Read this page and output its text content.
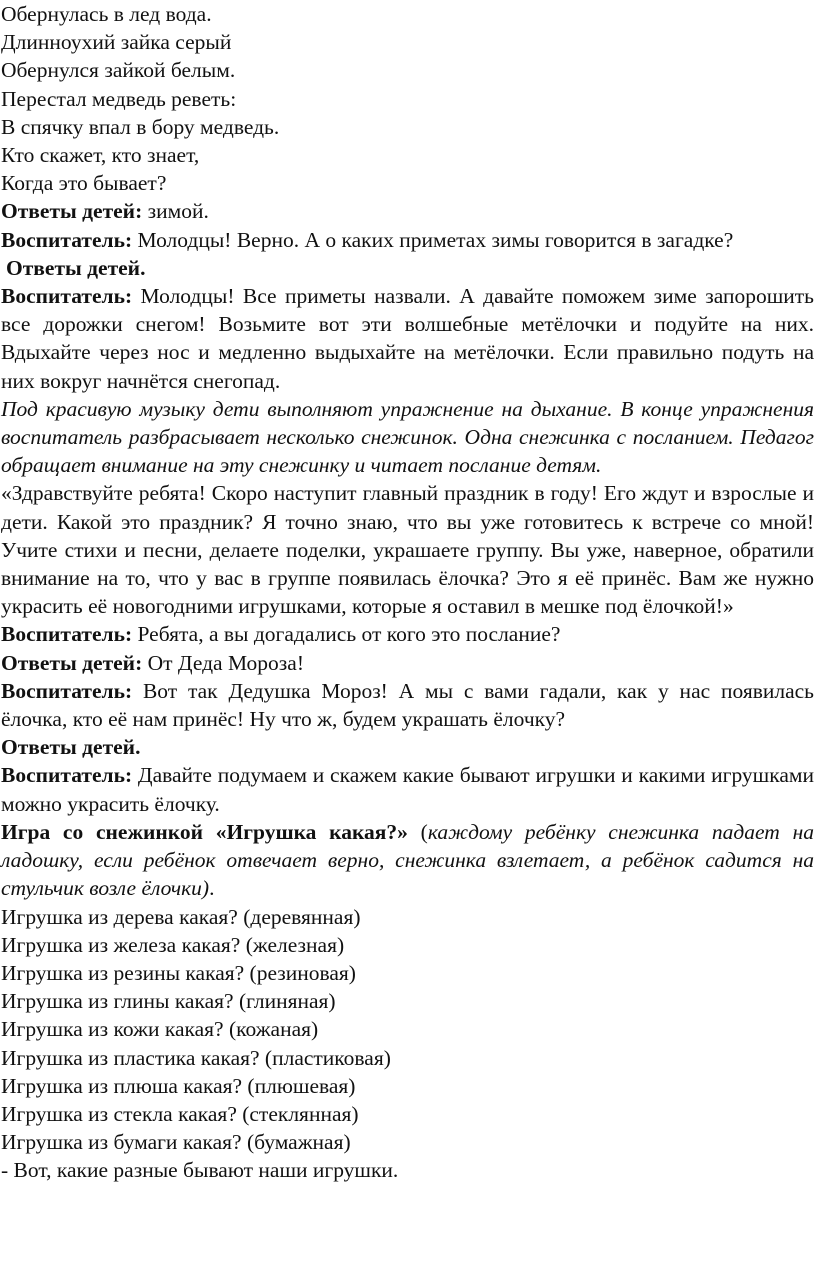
Обернулась в лед вода.

Длинноухий зайка серый

Обернулся зайкой белым.

Перестал медведь реветь:

В спячку впал в бору медведь.

Кто скажет, кто знает,

Когда это бывает?

Ответы детей: зимой.

Воспитатель: Молодцы! Верно. А о каких приметах зимы говорится в загадке?

Ответы детей.

Воспитатель: Молодцы! Все приметы назвали. А давайте поможем зиме запорошить все дорожки снегом! Возьмите вот эти волшебные метёлочки и подуйте на них. Вдыхайте через нос и медленно выдыхайте на метёлочки. Если правильно подуть на них вокруг начнётся снегопад.

Под красивую музыку дети выполняют упражнение на дыхание. В конце упражнения воспитатель разбрасывает несколько снежинок. Одна снежинка с посланием. Педагог обращает внимание на эту снежинку и читает послание детям.

«Здравствуйте ребята! Скоро наступит главный праздник в году! Его ждут и взрослые и дети. Какой это праздник? Я точно знаю, что вы уже готовитесь к встрече со мной! Учите стихи и песни, делаете поделки, украшаете группу. Вы уже, наверное, обратили внимание на то, что у вас в группе появилась ёлочка? Это я её принёс. Вам же нужно украсить её новогодними игрушками, которые я оставил в мешке под ёлочкой!»

Воспитатель: Ребята, а вы догадались от кого это послание?

Ответы детей: От Деда Мороза!

Воспитатель: Вот так Дедушка Мороз! А мы с вами гадали, как у нас появилась ёлочка, кто её нам принёс! Ну что ж, будем украшать ёлочку?

Ответы детей.

Воспитатель: Давайте подумаем и скажем какие бывают игрушки и какими игрушками можно украсить ёлочку.

Игра со снежинкой «Игрушка какая?» (каждому ребёнку снежинка падает на ладошку, если ребёнок отвечает верно, снежинка взлетает, а ребёнок садится на стульчик возле ёлочки).

Игрушка из дерева какая? (деревянная)

Игрушка из железа какая? (железная)

Игрушка из резины какая? (резиновая)

Игрушка из глины какая? (глиняная)

Игрушка из кожи какая? (кожаная)

Игрушка из пластика какая? (пластиковая)

Игрушка из плюша какая? (плюшевая)

Игрушка из стекла какая? (стеклянная)

Игрушка из бумаги какая? (бумажная)

- Вот, какие разные бывают наши игрушки.
